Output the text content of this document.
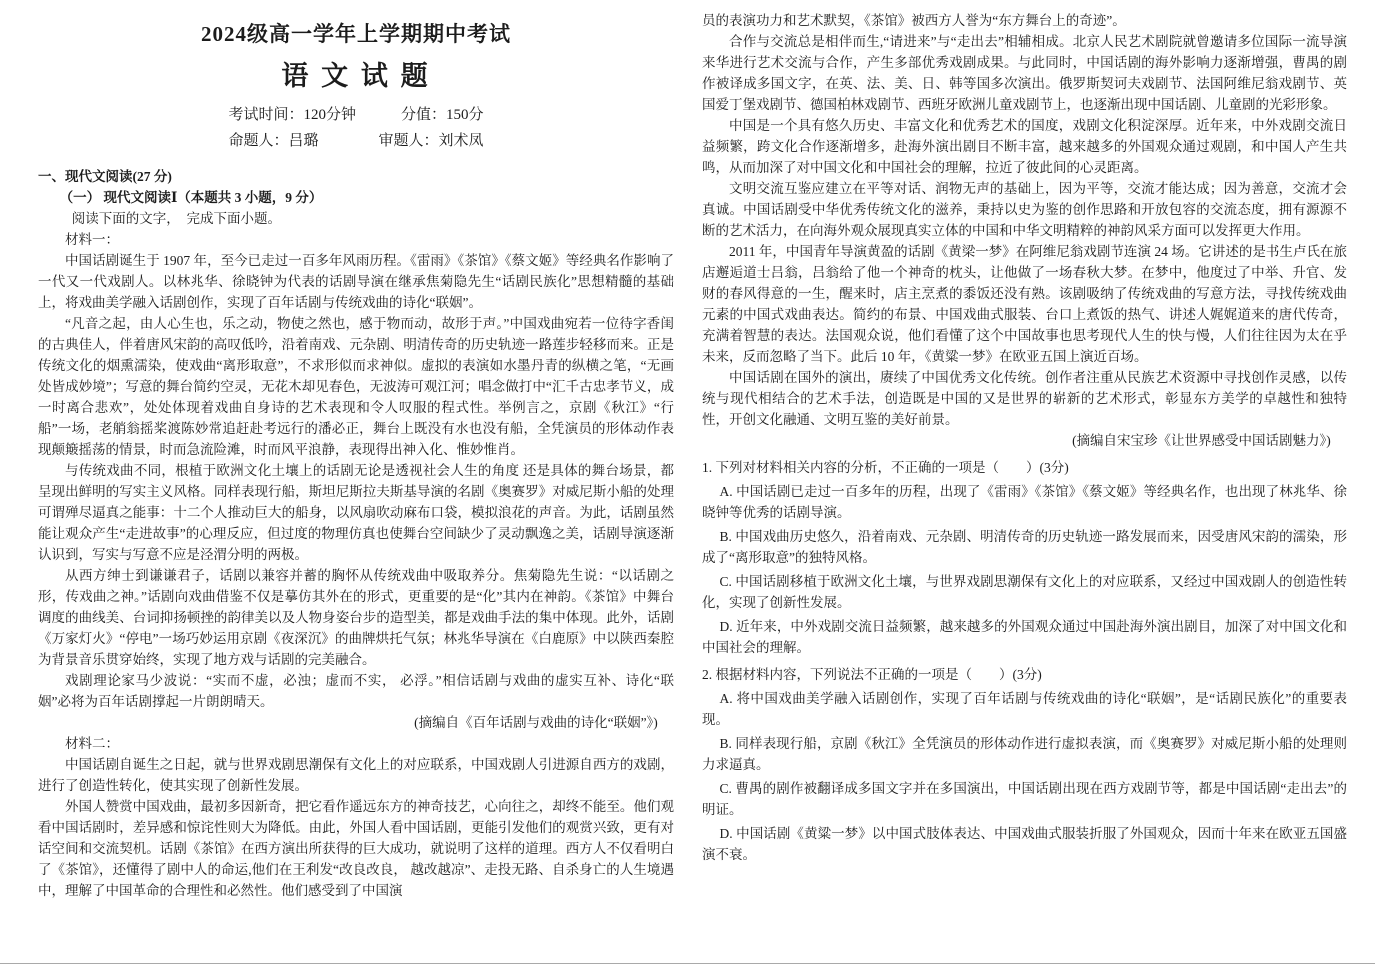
2024级高一学年上学期期中考试
语 文 试 题
考试时间：120分钟　　　分值：150分
命题人：吕璐　　　　审题人：刘术凤

一、现代文阅读(27 分)

（一） 现代文阅读Ⅰ（本题共 3 小题，9 分）

阅读下面的文字，　完成下面小题。

材料一：

中国话剧诞生于 1907 年，至今已走过一百多年风雨历程。《雷雨》《茶馆》《蔡文姬》等经典名作影响了一代又一代戏剧人。以林兆华、徐晓钟为代表的话剧导演在继承焦菊隐先生“话剧民族化”思想精髓的基础上，将戏曲美学融入话剧创作，实现了百年话剧与传统戏曲的诗化“联姻”。

“凡音之起，由人心生也，乐之动，物使之然也，感于物而动，故形于声。”中国戏曲宛若一位待字香闺的古典佳人，伴着唐风宋韵的高叹低吟，沿着南戏、元杂剧、明清传奇的历史轨迹一路莲步轻移而来。正是传统文化的烟熏濡染，使戏曲“离形取意”，不求形似而求神似。虚拟的表演如水墨丹青的纵横之笔，“无画处皆成妙境”；写意的舞台简约空灵，无花木却见春色，无波涛可观江河；唱念做打中“汇千古忠孝节义，成一时离合悲欢”，处处体现着戏曲自身诗的艺术表现和令人叹服的程式性。举例言之，京剧《秋江》“行船”一场，老艄翁摇桨渡陈妙常追赶赴考远行的潘必正，舞台上既没有水也没有船，全凭演员的形体动作表现颠簸摇荡的情景，时而急流险滩，时而风平浪静，表现得出神入化、惟妙惟肖。

与传统戏曲不同，根植于欧洲文化土壤上的话剧无论是透视社会人生的角度 还是具体的舞台场景，都呈现出鲜明的写实主义风格。同样表现行船，斯坦尼斯拉夫斯基导演的名剧《奥赛罗》对威尼斯小船的处理可谓殚尽逼真之能事：十二个人推动巨大的船身，以风扇吹动麻布口袋，模拟浪花的声音。为此，话剧虽然能让观众产生“走进故事”的心理反应，但过度的物理仿真也使舞台空间缺少了灵动飘逸之美，话剧导演逐渐认识到，写实与写意不应是泾渭分明的两极。

从西方绅士到谦谦君子，话剧以兼容并蓄的胸怀从传统戏曲中吸取养分。焦菊隐先生说：“以话剧之形，传戏曲之神。”话剧向戏曲借鉴不仅是摹仿其外在的形式，更重要的是“化”其内在神韵。《茶馆》中舞台调度的曲线美、台词抑扬顿挫的韵律美以及人物身姿台步的造型美，都是戏曲手法的集中体现。此外，话剧《万家灯火》“停电”一场巧妙运用京剧《夜深沉》的曲牌烘托气氛；林兆华导演在《白鹿原》中以陕西秦腔为背景音乐贯穿始终，实现了地方戏与话剧的完美融合。

戏剧理论家马少波说：“实而不虚，必浊；虚而不实， 必浮。”相信话剧与戏曲的虚实互补、诗化“联姻”必将为百年话剧撑起一片朗朗晴天。

(摘编自《百年话剧与戏曲的诗化“联姻”》)

材料二：

中国话剧自诞生之日起，就与世界戏剧思潮保有文化上的对应联系，中国戏剧人引进源自西方的戏剧，进行了创造性转化，使其实现了创新性发展。

外国人赞赏中国戏曲，最初多因新奇，把它看作遥远东方的神奇技艺，心向往之，却终不能至。他们观看中国话剧时，差异感和惊诧性则大为降低。由此，外国人看中国话剧，更能引发他们的观赏兴致，更有对话空间和交流契机。话剧《茶馆》在西方演出所获得的巨大成功，就说明了这样的道理。西方人不仅看明白了《茶馆》，还懂得了剧中人的命运,他们在王利发“改良改良， 越改越凉”、走投无路、自杀身亡的人生境遇中，理解了中国革命的合理性和必然性。他们感受到了中国演

员的表演功力和艺术默契，《茶馆》被西方人誉为“东方舞台上的奇迹”。

合作与交流总是相伴而生,“请进来”与“走出去”相辅相成。北京人民艺术剧院就曾邀请多位国际一流导演来华进行艺术交流与合作，产生多部优秀戏剧成果。与此同时，中国话剧的海外影响力逐渐增强，曹禺的剧作被译成多国文字，在英、法、美、日、韩等国多次演出。俄罗斯契诃夫戏剧节、法国阿维尼翁戏剧节、英国爱丁堡戏剧节、德国柏林戏剧节、西班牙欧洲儿童戏剧节上，也逐渐出现中国话剧、儿童剧的光彩形象。

中国是一个具有悠久历史、丰富文化和优秀艺术的国度，戏剧文化积淀深厚。近年来，中外戏剧交流日益频繁，跨文化合作逐渐增多，赴海外演出剧目不断丰富，越来越多的外国观众通过观剧，和中国人产生共鸣，从而加深了对中国文化和中国社会的理解，拉近了彼此间的心灵距离。

文明交流互鉴应建立在平等对话、润物无声的基础上，因为平等，交流才能达成；因为善意，交流才会真诚。中国话剧受中华优秀传统文化的滋养，秉持以史为鉴的创作思路和开放包容的交流态度，拥有源源不断的艺术活力，在向海外观众展现真实立体的中国和中华文明精粹的神韵风采方面可以发挥更大作用。

2011 年，中国青年导演黄盈的话剧《黄梁一梦》在阿维尼翁戏剧节连演 24 场。它讲述的是书生卢氏在旅店邂逅道士吕翁，吕翁给了他一个神奇的枕头，让他做了一场春秋大梦。在梦中，他度过了中举、升官、发财的春风得意的一生，醒来时，店主烹煮的黍饭还没有熟。该剧吸纳了传统戏曲的写意方法，寻找传统戏曲元素的中国式戏曲表达。简约的布景、中国戏曲式服装、台口上煮饭的热气、讲述人娓娓道来的唐代传奇，充满着智慧的表达。法国观众说，他们看懂了这个中国故事也思考现代人生的快与慢，人们往往因为太在乎未来，反而忽略了当下。此后 10 年，《黄粱一梦》在欧亚五国上演近百场。

中国话剧在国外的演出，赓续了中国优秀文化传统。创作者注重从民族艺术资源中寻找创作灵感，以传统与现代相结合的艺术手法，创造既是中国的又是世界的崭新的艺术形式，彰显东方美学的卓越性和独特性，开创文化融通、文明互鉴的美好前景。

(摘编自宋宝珍《让世界感受中国话剧魅力》)

1. 下列对材料相关内容的分析，不正确的一项是（　　）(3分)

A. 中国话剧已走过一百多年的历程，出现了《雷雨》《茶馆》《蔡文姬》等经典名作，也出现了林兆华、徐晓钟等优秀的话剧导演。

B. 中国戏曲历史悠久，沿着南戏、元杂剧、明清传奇的历史轨迹一路发展而来，因受唐风宋韵的濡染，形成了“离形取意”的独特风格。

C. 中国话剧移植于欧洲文化土壤，与世界戏剧思潮保有文化上的对应联系，又经过中国戏剧人的创造性转化，实现了创新性发展。

D. 近年来，中外戏剧交流日益频繁，越来越多的外国观众通过中国赴海外演出剧目，加深了对中国文化和中国社会的理解。

2. 根据材料内容，下列说法不正确的一项是（　　）(3分)

A. 将中国戏曲美学融入话剧创作，实现了百年话剧与传统戏曲的诗化“联姻”，是“话剧民族化”的重要表现。

B. 同样表现行船，京剧《秋江》全凭演员的形体动作进行虚拟表演，而《奥赛罗》对威尼斯小船的处理则力求逼真。

C. 曹禺的剧作被翻译成多国文字并在多国演出，中国话剧出现在西方戏剧节等，都是中国话剧“走出去”的明证。

D. 中国话剧《黄粱一梦》以中国式肢体表达、中国戏曲式服装折服了外国观众，因而十年来在欧亚五国盛演不衰。
